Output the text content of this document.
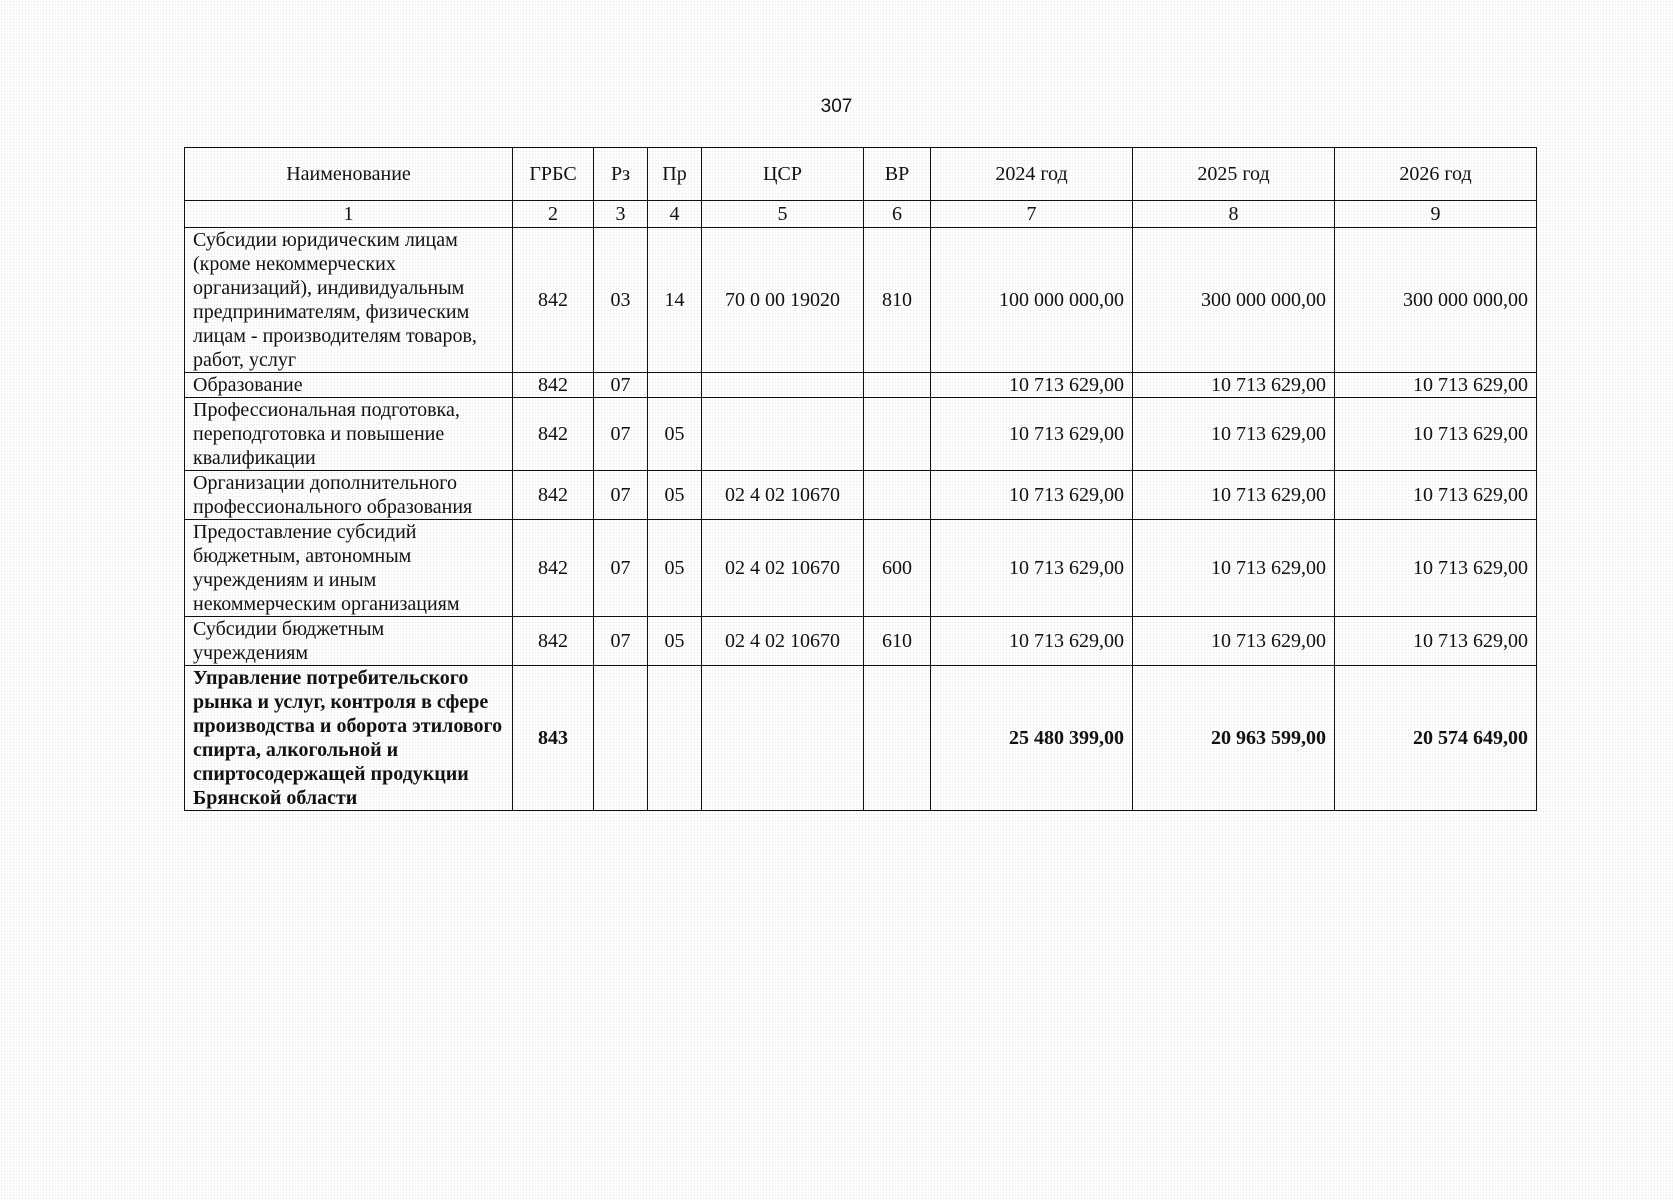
307
Наименование	ГРБС	Рз	Пр	ЦСР	ВР	2024 год	2025 год	2026 год
1	2	3	4	5	6	7	8	9
Субсидии юридическим лицам (кроме некоммерческих организаций), индивидуальным предпринимателям, физическим лицам - производителям товаров, работ, услуг	842	03	14	70 0 00 19020	810	100 000 000,00	300 000 000,00	300 000 000,00
Образование	842	07				10 713 629,00	10 713 629,00	10 713 629,00
Профессиональная подготовка, переподготовка и повышение квалификации	842	07	05			10 713 629,00	10 713 629,00	10 713 629,00
Организации дополнительного профессионального образования	842	07	05	02 4 02 10670		10 713 629,00	10 713 629,00	10 713 629,00
Предоставление субсидий бюджетным, автономным учреждениям и иным некоммерческим организациям	842	07	05	02 4 02 10670	600	10 713 629,00	10 713 629,00	10 713 629,00
Субсидии бюджетным учреждениям	842	07	05	02 4 02 10670	610	10 713 629,00	10 713 629,00	10 713 629,00
Управление потребительского рынка и услуг, контроля в сфере производства и оборота этилового спирта, алкогольной и спиртосодержащей продукции Брянской области	843					25 480 399,00	20 963 599,00	20 574 649,00
